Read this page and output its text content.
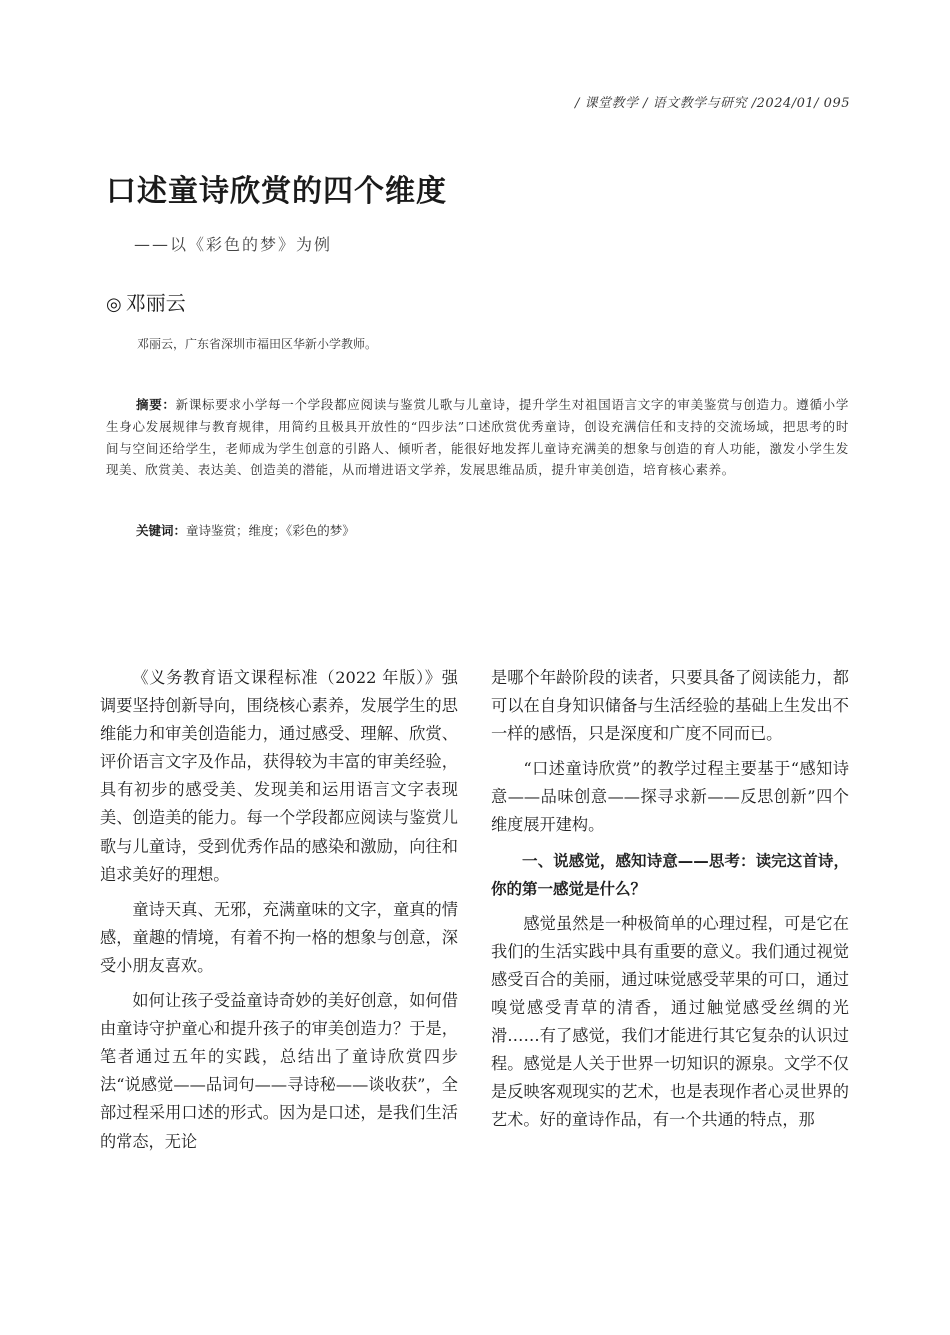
/ 课堂教学 / 语文教学与研究 /2024/01/ 095
口述童诗欣赏的四个维度
——以《彩色的梦》为例
◎ 邓丽云
邓丽云，广东省深圳市福田区华新小学教师。

摘要：新课标要求小学每一个学段都应阅读与鉴赏儿歌与儿童诗，提升学生对祖国语言文字的审美鉴赏与创造力。遵循小学生身心发展规律与教育规律，用简约且极具开放性的“四步法”口述欣赏优秀童诗，创设充满信任和支持的交流场域，把思考的时间与空间还给学生，老师成为学生创意的引路人、倾听者，能很好地发挥儿童诗充满美的想象与创造的育人功能，激发小学生发现美、欣赏美、表达美、创造美的潜能，从而增进语文学养，发展思维品质，提升审美创造，培育核心素养。

关键词：童诗鉴赏；维度；《彩色的梦》

《义务教育语文课程标准（2022 年版）》强调要坚持创新导向，围绕核心素养，发展学生的思维能力和审美创造能力，通过感受、理解、欣赏、评价语言文字及作品，获得较为丰富的审美经验，具有初步的感受美、发现美和运用语言文字表现美、创造美的能力。每一个学段都应阅读与鉴赏儿歌与儿童诗，受到优秀作品的感染和激励，向往和追求美好的理想。

童诗天真、无邪，充满童味的文字，童真的情感，童趣的情境，有着不拘一格的想象与创意，深受小朋友喜欢。

如何让孩子受益童诗奇妙的美好创意，如何借由童诗守护童心和提升孩子的审美创造力？于是，笔者通过五年的实践，总结出了童诗欣赏四步法“说感觉——品词句——寻诗秘——谈收获”，全部过程采用口述的形式。因为是口述，是我们生活的常态，无论

是哪个年龄阶段的读者，只要具备了阅读能力，都可以在自身知识储备与生活经验的基础上生发出不一样的感悟，只是深度和广度不同而已。

“口述童诗欣赏”的教学过程主要基于“感知诗意——品味创意——探寻求新——反思创新”四个维度展开建构。

一、说感觉，感知诗意——思考：读完这首诗，你的第一感觉是什么？

感觉虽然是一种极简单的心理过程，可是它在我们的生活实践中具有重要的意义。我们通过视觉感受百合的美丽，通过味觉感受苹果的可口，通过嗅觉感受青草的清香，通过触觉感受丝绸的光滑……有了感觉，我们才能进行其它复杂的认识过程。感觉是人关于世界一切知识的源泉。文学不仅是反映客观现实的艺术，也是表现作者心灵世界的艺术。好的童诗作品，有一个共通的特点，那
